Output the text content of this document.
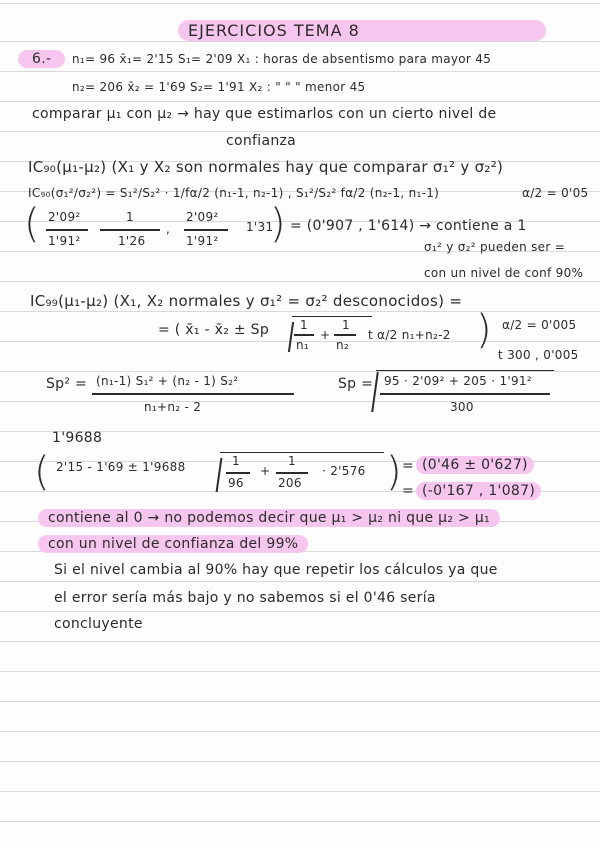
EJERCICIOS TEMA 8
6.-	n₁= 96 x̄₁= 2'15 S₁= 2'09 X₁ : horas de absentismo para mayor 45
n₂= 206 x̄₂ = 1'69 S₂= 1'91 X₂ : " " " menor 45
comparar μ₁ con μ₂ → hay que estimarlos con un cierto nivel de
confianza
IC₉₀(μ₁-μ₂) (X₁ y X₂ son normales hay que comparar σ₁² y σ₂²)
IC₉₀(σ₁²/σ₂²) = S₁²/S₂² · 1/fα/2 (n₁-1, n₂-1) , S₁²/S₂² fα/2 (n₂-1, n₁-1)	α/2 = 0'05
( 2'09²
1'91²
1
1'26
,
2'09²
1'91²
1'31
) = (0'907 , 1'614) → contiene a 1
σ₁² y σ₂² pueden ser =
con un nivel de conf 90%
IC₉₉(μ₁-μ₂) (X₁, X₂ normales y σ₁² = σ₂² desconocidos) =
= ( x̄₁ - x̄₂ ± Sp	1
n₁
+
1
n₂
t α/2 n₁+n₂-2 ) α/2 = 0'005
t 300 , 0'005
Sp² = (n₁-1) S₁² + (n₂ - 1) S₂²
n₁+n₂ - 2
Sp = 95 · 2'09² + 205 · 1'91²
300
1'9688
( 2'15 - 1'69 ± 1'9688	1
96
+
1
206
· 2'576 ) = (0'46 ± 0'627)
= (-0'167 , 1'087)
contiene al 0 → no podemos decir que μ₁ > μ₂ ni que μ₂ > μ₁
con un nivel de confianza del 99%
Si el nivel cambia al 90% hay que repetir los cálculos ya que
el error sería más bajo y no sabemos si el 0'46 sería
concluyente
